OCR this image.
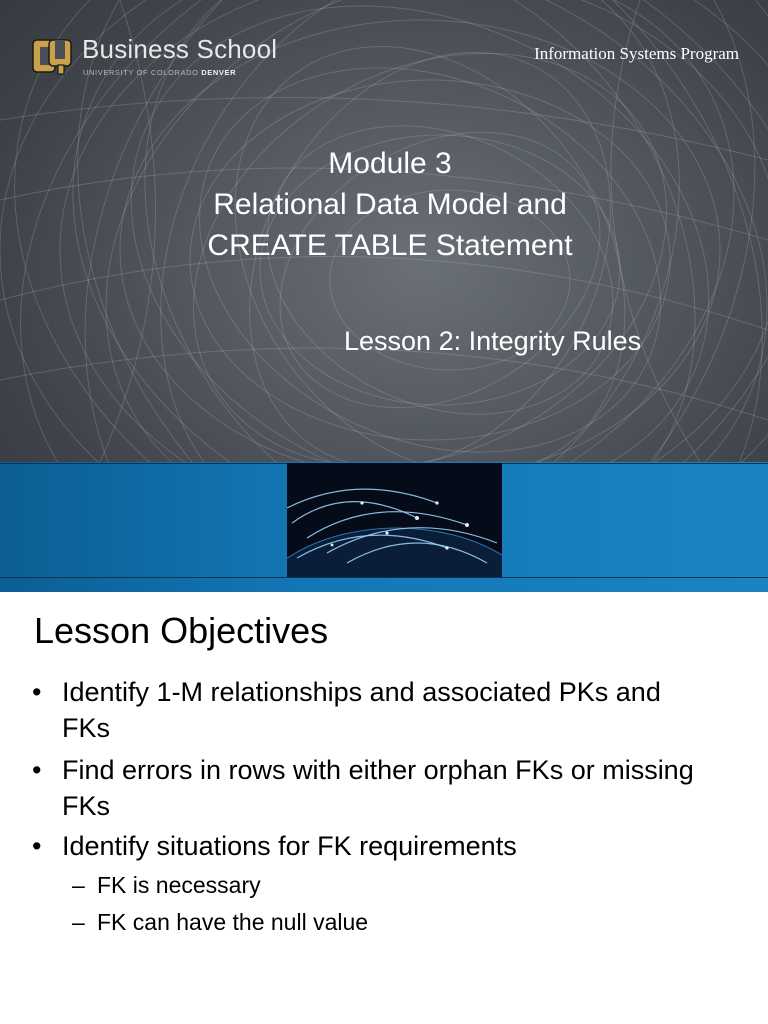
Business School
UNIVERSITY OF COLORADO DENVER
Information Systems Program
Module 3
Relational Data Model and
CREATE TABLE Statement
Lesson 2: Integrity Rules
Lesson Objectives
• Identify 1-M relationships and associated PKs and FKs
• Find errors in rows with either orphan FKs or missing FKs
• Identify situations for FK requirements
– FK is necessary
– FK can have the null value
